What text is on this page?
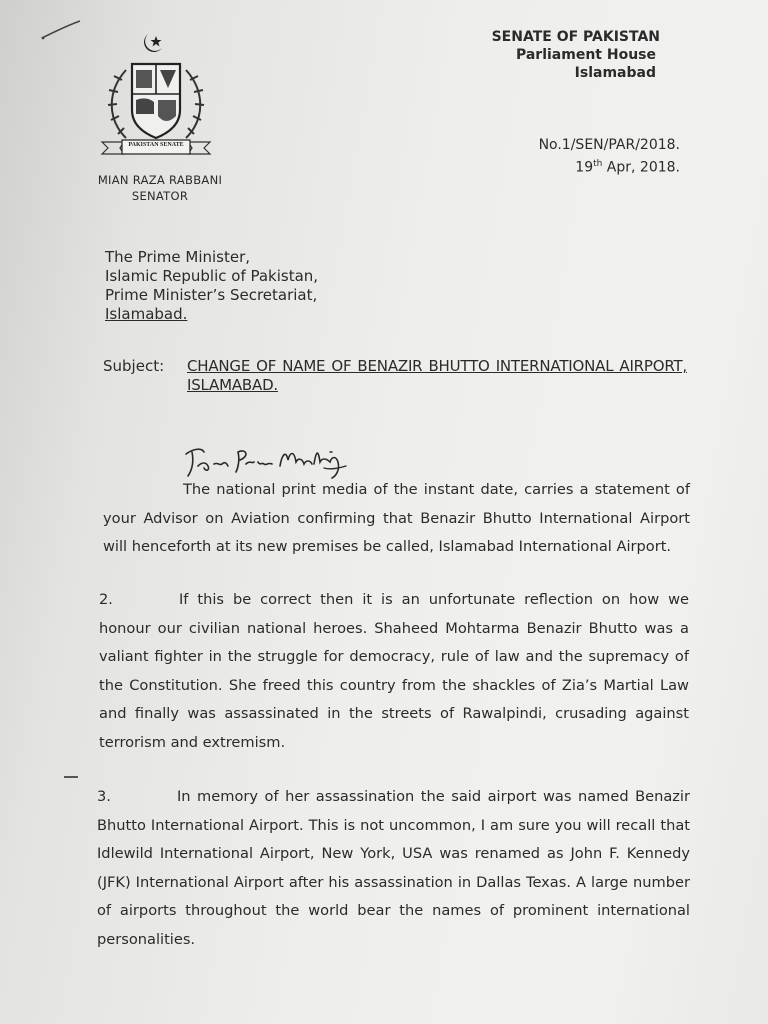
PAKISTAN SENATE
MIAN RAZA RABBANI
SENATOR
SENATE OF PAKISTAN
Parliament House
Islamabad
No.1/SEN/PAR/2018.
19th Apr, 2018.
The Prime Minister,
Islamic Republic of Pakistan,
Prime Minister’s Secretariat,
Islamabad.
Subject: CHANGE OF NAME OF BENAZIR BHUTTO INTERNATIONAL AIRPORT, ISLAMABAD.
The national print media of the instant date, carries a statement of your Advisor on Aviation confirming that Benazir Bhutto International Airport will henceforth at its new premises be called, Islamabad International Airport.
2.	If this be correct then it is an unfortunate reflection on how we honour our civilian national heroes. Shaheed Mohtarma Benazir Bhutto was a valiant fighter in the struggle for democracy, rule of law and the supremacy of the Constitution. She freed this country from the shackles of Zia’s Martial Law and finally was assassinated in the streets of Rawalpindi, crusading against terrorism and extremism.
3.	In memory of her assassination the said airport was named Benazir Bhutto International Airport. This is not uncommon, I am sure you will recall that Idlewild International Airport, New York, USA was renamed as John F. Kennedy (JFK) International Airport after his assassination in Dallas Texas. A large number of airports throughout the world bear the names of prominent international personalities.
